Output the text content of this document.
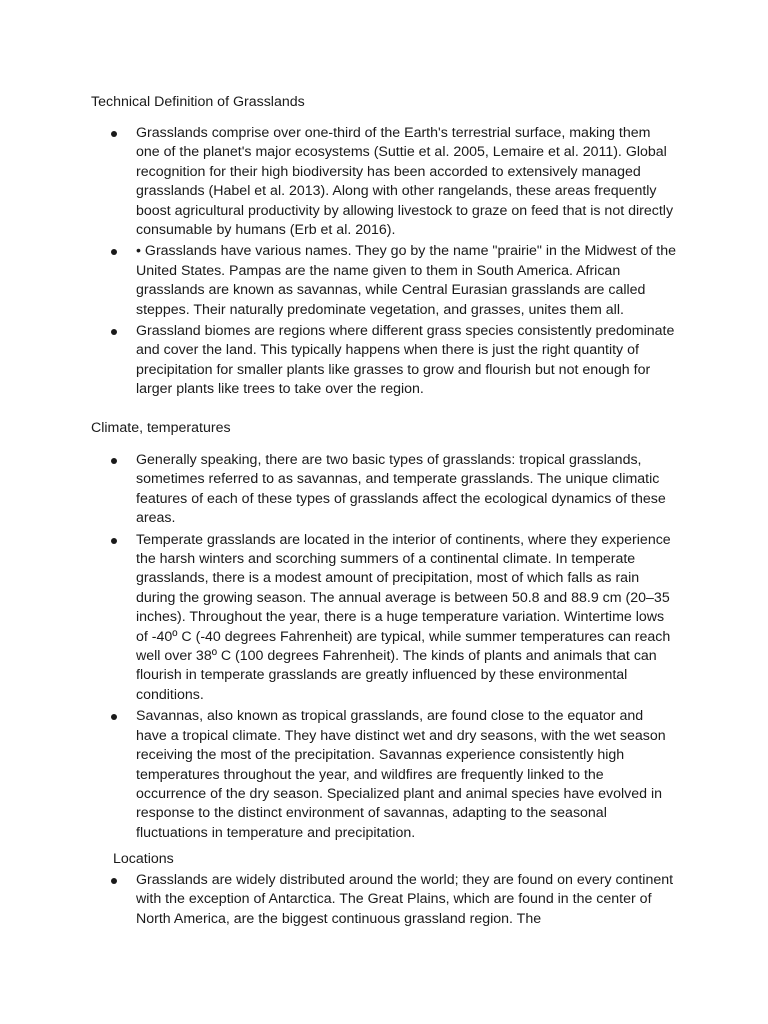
Technical Definition of Grasslands
Grasslands comprise over one-third of the Earth's terrestrial surface, making them one of the planet's major ecosystems (Suttie et al. 2005, Lemaire et al. 2011). Global recognition for their high biodiversity has been accorded to extensively managed grasslands (Habel et al. 2013). Along with other rangelands, these areas frequently boost agricultural productivity by allowing livestock to graze on feed that is not directly consumable by humans (Erb et al. 2016).
• Grasslands have various names. They go by the name "prairie" in the Midwest of the United States. Pampas are the name given to them in South America. African grasslands are known as savannas, while Central Eurasian grasslands are called steppes. Their naturally predominate vegetation, and grasses, unites them all.
Grassland biomes are regions where different grass species consistently predominate and cover the land. This typically happens when there is just the right quantity of precipitation for smaller plants like grasses to grow and flourish but not enough for larger plants like trees to take over the region.
Climate, temperatures
Generally speaking, there are two basic types of grasslands: tropical grasslands, sometimes referred to as savannas, and temperate grasslands. The unique climatic features of each of these types of grasslands affect the ecological dynamics of these areas.
Temperate grasslands are located in the interior of continents, where they experience the harsh winters and scorching summers of a continental climate. In temperate grasslands, there is a modest amount of precipitation, most of which falls as rain during the growing season. The annual average is between 50.8 and 88.9 cm (20–35 inches). Throughout the year, there is a huge temperature variation. Wintertime lows of -40º C (-40 degrees Fahrenheit) are typical, while summer temperatures can reach well over 38º C (100 degrees Fahrenheit). The kinds of plants and animals that can flourish in temperate grasslands are greatly influenced by these environmental conditions.
Savannas, also known as tropical grasslands, are found close to the equator and have a tropical climate. They have distinct wet and dry seasons, with the wet season receiving the most of the precipitation. Savannas experience consistently high temperatures throughout the year, and wildfires are frequently linked to the occurrence of the dry season. Specialized plant and animal species have evolved in response to the distinct environment of savannas, adapting to the seasonal fluctuations in temperature and precipitation.
Locations
Grasslands are widely distributed around the world; they are found on every continent with the exception of Antarctica. The Great Plains, which are found in the center of North America, are the biggest continuous grassland region. The
